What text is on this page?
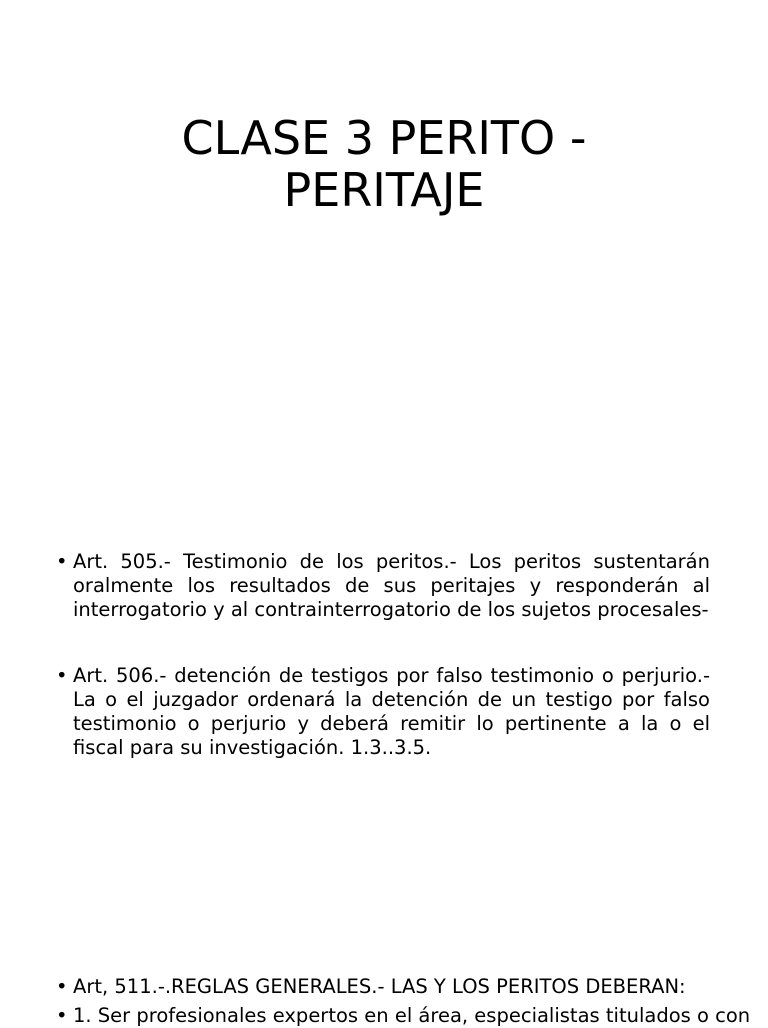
CLASE 3 PERITO -
PERITAJE
• Art. 505.- Testimonio de los peritos.- Los peritos sustentarán oralmente los resultados de sus peritajes y responderán al interrogatorio y al contrainterrogatorio de los sujetos procesales-
• Art. 506.- detención de testigos por falso testimonio o perjurio.- La o el juzgador ordenará la detención de un testigo por falso testimonio o perjurio y deberá remitir lo pertinente a la o el fiscal para su investigación. 1.3..3.5.
• Art, 511.-.REGLAS GENERALES.- LAS Y LOS PERITOS DEBERAN:
• 1. Ser profesionales expertos en el área, especialistas titulados o con
